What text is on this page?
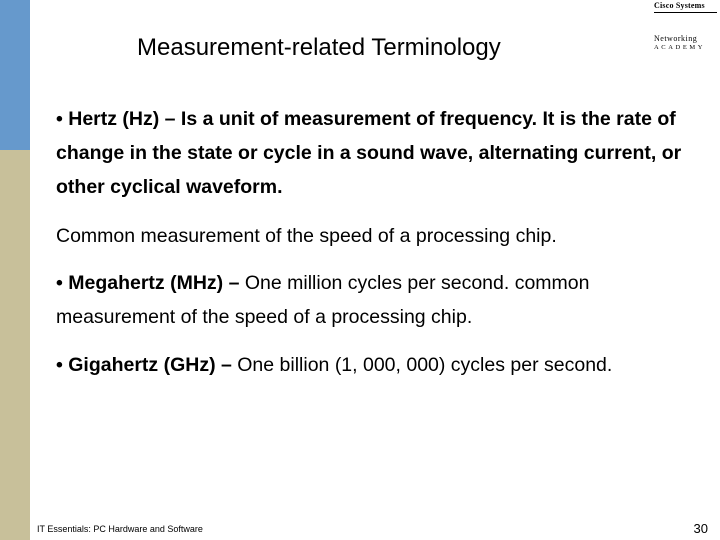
Measurement-related Terminology
Cisco Systems
Networking
ACADEMY
• Hertz (Hz) – Is a unit of measurement of frequency. It is the rate of change in the state or cycle in a sound wave, alternating current, or other cyclical waveform.
Common measurement of the speed of a processing chip.
• Megahertz (MHz) – One million cycles per second. common measurement of the speed of a processing chip.
• Gigahertz (GHz) – One billion (1, 000, 000) cycles per second.
IT Essentials: PC Hardware and Software	30
